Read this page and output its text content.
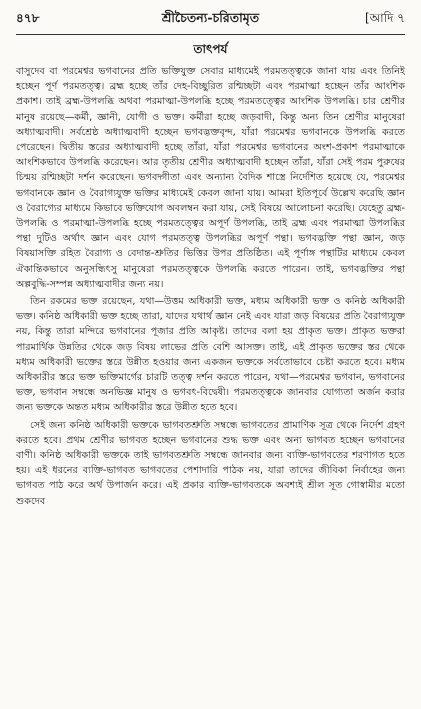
৪৭৮	শ্রীচৈতন্য-চরিতামৃত	[আদি ৭
তাৎপর্য

বাসুদেব বা পরমেশ্বর ভগবানের প্রতি ভক্তিযুক্ত সেবার মাধ্যমেই পরমতত্ত্বকে জানা যায় এবং তিনিই হচ্ছেন পূর্ণ পরমতত্ত্ব। ব্রহ্ম হচ্ছে তাঁর দেহ-বিচ্ছুরিত রশ্মিচ্ছটা এবং পরমাত্মা হচ্ছেন তাঁর আংশিক প্রকাশ। তাই ব্রহ্ম-উপলব্ধি অথবা পরমাত্মা-উপলব্ধি হচ্ছে পরমতত্ত্বের আংশিক উপলব্ধি। চার শ্রেণীর মানুষ রয়েছে—কর্মী, জ্ঞানী, যোগী ও ভক্ত। কর্মীরা হচ্ছে জড়বাদী, কিন্তু অন্য তিন শ্রেণীর মানুষেরা অধ্যাত্মবাদী। সর্বশ্রেষ্ঠ অধ্যাত্মবাদী হচ্ছেন ভগবদ্ভক্তবৃন্দ, যাঁরা পরমেশ্বর ভগবানকে উপলব্ধি করতে পেরেছেন। দ্বিতীয় স্তরের অধ্যাত্মবাদী হচ্ছে তাঁরা, যাঁরা পরমেশ্বর ভগবানের অংশ-প্রকাশ পরমাত্মাকে আংশিকভাবে উপলব্ধি করেছেন। আর তৃতীয় শ্রেণীর অধ্যাত্মবাদী হচ্ছেন তাঁরা, যাঁরা সেই পরম পুরুষের চিন্ময় রশ্মিচ্ছটা দর্শন করেছেন। ভগবদ্গীতা এবং অন্যান্য বৈদিক শাস্ত্রে নির্দেশিত হয়েছে যে, পরমেশ্বর ভগবানকে জ্ঞান ও বৈরাগ্যযুক্ত ভক্তির মাধ্যমেই কেবল জানা যায়। আমরা ইতিপূর্বে উল্লেখ করেছি জ্ঞান ও বৈরাগ্যের মাধ্যমে কিভাবে ভক্তিযোগ অবলম্বন করা যায়, সেই বিষয়ে আলোচনা করেছি। যেহেতু ব্রহ্ম-উপলব্ধি ও পরমাত্মা-উপলব্ধি হচ্ছে পরমতত্ত্বের অপূর্ণ উপলব্ধি, তাই ব্রহ্ম এবং পরমাত্মা উপলব্ধির পন্থা দুটিও অর্থাৎ জ্ঞান এবং যোগ পরমতত্ত্ব উপলব্ধির অপূর্ণ পন্থা। ভগবদ্ভক্তি পন্থা জ্ঞান, জড় বিষয়াসক্তি রহিত বৈরাগ্য ও বেদান্ত-শ্রুতির ভিত্তির উপর প্রতিষ্ঠিত। এই পূর্ণাঙ্গ পন্থাটির মাধ্যমে কেবল ঐকান্তিকভাবে অনুসন্ধিৎসু মানুষেরা পরমতত্ত্বকে উপলব্ধি করতে পারেন। তাই, ভগবদ্ভক্তির পন্থা অল্পবুদ্ধি-সম্পন্ন অধ্যাত্মবাদীর জন্য নয়।

তিন রকমের ভক্ত রয়েছেন, যথা—উত্তম অধিকারী ভক্ত, মধ্যম অধিকারী ভক্ত ও কনিষ্ঠ অধিকারী ভক্ত। কনিষ্ঠ অধিকারী ভক্ত হচ্ছে তারা, যাদের যথার্থ জ্ঞান নেই এবং যারা জড় বিষয়ের প্রতি বৈরাগ্যযুক্ত নয়, কিন্তু তারা মন্দিরে ভগবানের পূজার প্রতি আকৃষ্ট। তাদের বলা হয় প্রাকৃত ভক্ত। প্রাকৃত ভক্তরা পারমার্থিক উন্নতির থেকে জড় বিষয় লাভের প্রতি বেশি আসক্ত। তাই, এই প্রাকৃত ভক্তের স্তর থেকে মধ্যম অধিকারী ভক্তের স্তরে উন্নীত হওয়ার জন্য একজন ভক্তকে সর্বতোভাবে চেষ্টা করতে হবে। মধ্যম অধিকারীর স্তরে ভক্ত ভক্তিমার্গের চারটি তত্ত্ব দর্শন করতে পারেন, যথা—পরমেশ্বর ভগবান, ভগবানের ভক্ত, ভগবান সম্বন্ধে অনভিজ্ঞ মানুষ ও ভগবৎ-বিদ্বেষী। পরমতত্ত্বকে জানবার যোগ্যতা অর্জন করার জন্য ভক্তকে অন্তত মধ্যম অধিকারীর স্তরে উন্নীত হতে হবে।

সেই জন্য কনিষ্ঠ অধিকারী ভক্তকে ভাগবতশ্রুতি সম্বন্ধে ভাগবতের প্রামাণিক সূত্র থেকে নির্দেশ গ্রহণ করতে হবে। প্রথম শ্রেণীর ভাগবত হচ্ছেন ভগবানের শুদ্ধ ভক্ত এবং অন্য ভাগবত হচ্ছেন ভগবানের বাণী। কনিষ্ঠ অধিকারী ভক্তকে তাই ভাগবতশ্রুতি সম্বন্ধে জানবার জন্য ব্যক্তি-ভাগবতের শরণাগত হতে হয়। এই ধরনের ব্যক্তি-ভাগবত ভাগবতের পেশাদারি পাঠক নয়, যারা তাদের জীবিকা নির্বাহের জন্য ভাগবত পাঠ করে অর্থ উপার্জন করে। এই প্রকার ব্যক্তি-ভাগবতকে অবশ্যই শ্রীল সূত গোস্বামীর মতো শুকদেব
